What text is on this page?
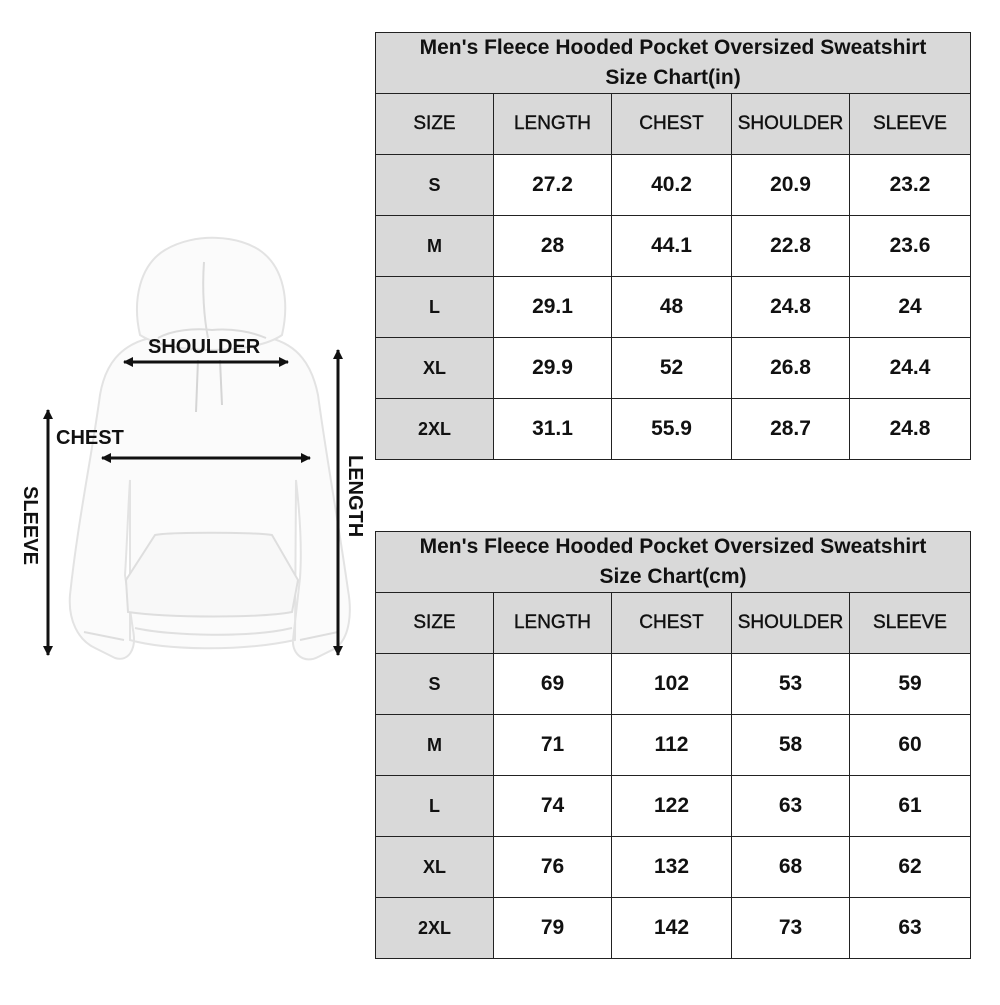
SHOULDER
CHEST
SLEEVE	LENGTH
Men's Fleece Hooded Pocket Oversized Sweatshirt
Size Chart(in)				

SIZE	LENGTH	CHEST	SHOULDER	SLEEVE
S	27.2	40.2	20.9	23.2
M	28	44.1	22.8	23.6
L	29.1	48	24.8	24
XL	29.9	52	26.8	24.4
2XL	31.1	55.9	28.7	24.8
Men's Fleece Hooded Pocket Oversized Sweatshirt
Size Chart(cm)				

SIZE	LENGTH	CHEST	SHOULDER	SLEEVE
S	69	102	53	59
M	71	112	58	60
L	74	122	63	61
XL	76	132	68	62
2XL	79	142	73	63
